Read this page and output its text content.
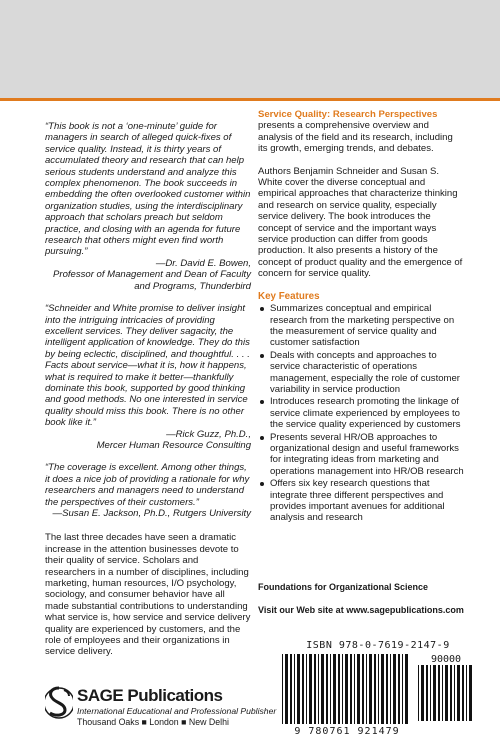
“This book is not a ‘one-minute’ guide for managers in search of alleged quick-fixes of service quality. Instead, it is thirty years of accumulated theory and research that can help serious students understand and analyze this complex phenomenon. The book succeeds in embedding the often overlooked customer within organization studies, using the interdisciplinary approach that scholars preach but seldom practice, and closing with an agenda for future research that others might even find worth pursuing.”

—Dr. David E. Bowen,

Professor of Management and Dean of Faculty and Programs, Thunderbird

“Schneider and White promise to deliver insight into the intriguing intricacies of providing excellent services. They deliver sagacity, the intelligent application of knowledge. They do this by being eclectic, disciplined, and thoughtful. . . . Facts about service—what it is, how it happens, what is required to make it better—thankfully dominate this book, supported by good thinking and good methods. No one interested in service quality should miss this book. There is no other book like it.”

—Rick Guzz, Ph.D.,

Mercer Human Resource Consulting

“The coverage is excellent. Among other things, it does a nice job of providing a rationale for why researchers and managers need to understand the perspectives of their customers.”

—Susan E. Jackson, Ph.D., Rutgers University

The last three decades have seen a dramatic increase in the attention businesses devote to their quality of service. Scholars and researchers in a number of disciplines, including marketing, human resources, I/O psychology, sociology, and consumer behavior have all made substantial contributions to understanding what service is, how service and service delivery quality are experienced by customers, and the role of employees and their organizations in service delivery.

Service Quality: Research Perspectives presents a comprehensive overview and analysis of the field and its research, including its growth, emerging trends, and debates.

Authors Benjamin Schneider and Susan S. White cover the diverse conceptual and empirical approaches that characterize thinking and research on service quality, especially service delivery. The book introduces the concept of service and the important ways service production can differ from goods production. It also presents a history of the concept of product quality and the emergence of concern for service quality.

Key Features
Summarizes conceptual and empirical research from the marketing perspective on the measurement of service quality and customer satisfaction
Deals with concepts and approaches to service characteristic of operations management, especially the role of customer variability in service production
Introduces research promoting the linkage of service climate experienced by employees to the service quality experienced by customers
Presents several HR/OB approaches to organizational design and useful frameworks for integrating ideas from marketing and operations management into HR/OB research
Offers six key research questions that integrate three different perspectives and provides important avenues for additional analysis and research
Foundations for Organizational Science
Visit our Web site at www.sagepublications.com
ISBN 978-0-7619-2147-9
90000
9 780761 921479
SAGE Publications
International Educational and Professional Publisher
Thousand Oaks ■ London ■ New Delhi
